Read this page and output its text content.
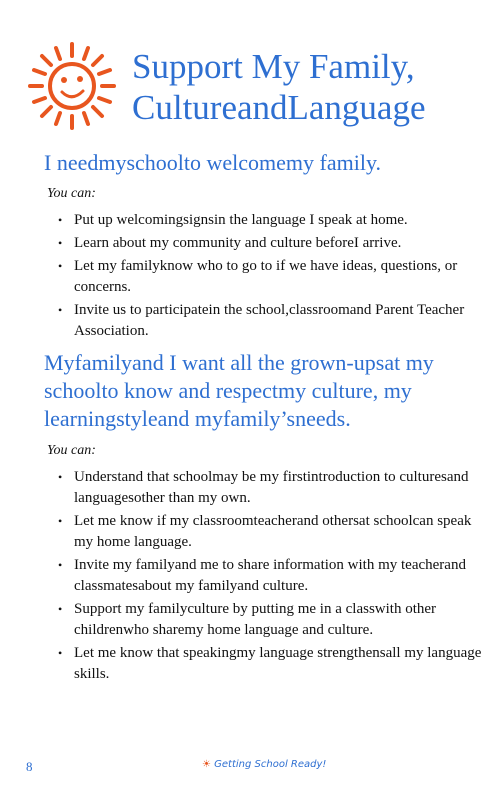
Support My Family,
CultureandLanguage
I needmyschoolto welcomemy family.
You can:
• Put up welcomingsignsin the language I speak at home.
• Learn about my community and culture beforeI arrive.
• Let my familyknow who to go to if we have ideas, questions, or concerns.
• Invite us to participatein the school,classroomand Parent Teacher Association.
Myfamilyand I want all the grown-upsat my schoolto know and respectmy culture, my learningstyleand myfamily’sneeds.
You can:
• Understand that schoolmay be my firstintroduction to culturesand languagesother than my own.
• Let me know if my classroomteacherand othersat schoolcan speak my home language.
• Invite my familyand me to share information with my teacherand classmatesabout my familyand culture.
• Support my familyculture by putting me in a classwith other childrenwho sharemy home language and culture.
• Let me know that speakingmy language strengthensall my language skills.
8	☀ Getting School Ready!
